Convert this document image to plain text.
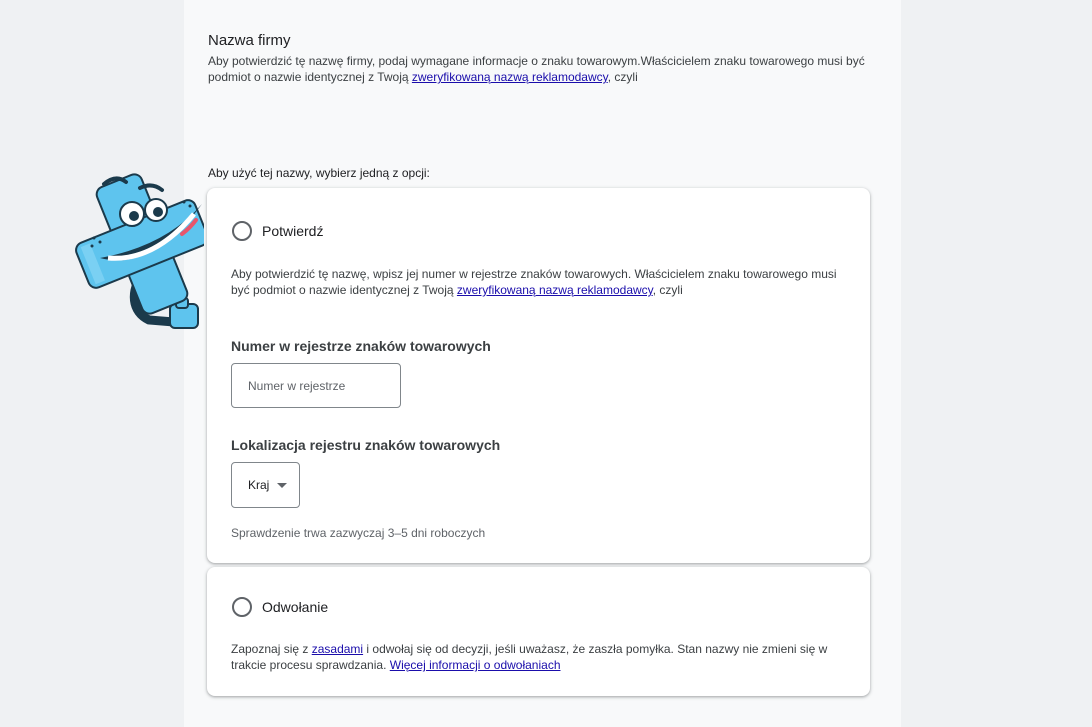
Nazwa firmy

Aby potwierdzić tę nazwę firmy, podaj wymagane informacje o znaku towarowym.Właścicielem znaku towarowego musi być podmiot o nazwie identycznej z Twoją zweryfikowaną nazwą reklamodawcy, czyli

Aby użyć tej nazwy, wybierz jedną z opcji:

Potwierdź

Aby potwierdzić tę nazwę, wpisz jej numer w rejestrze znaków towarowych. Właścicielem znaku towarowego musi być podmiot o nazwie identycznej z Twoją zweryfikowaną nazwą reklamodawcy, czyli

Numer w rejestrze znaków towarowych

Numer w rejestrze

Lokalizacja rejestru znaków towarowych

Kraj

Sprawdzenie trwa zazwyczaj 3–5 dni roboczych

Odwołanie

Zapoznaj się z zasadami i odwołaj się od decyzji, jeśli uważasz, że zaszła pomyłka. Stan nazwy nie zmieni się w trakcie procesu sprawdzania. Więcej informacji o odwołaniach
